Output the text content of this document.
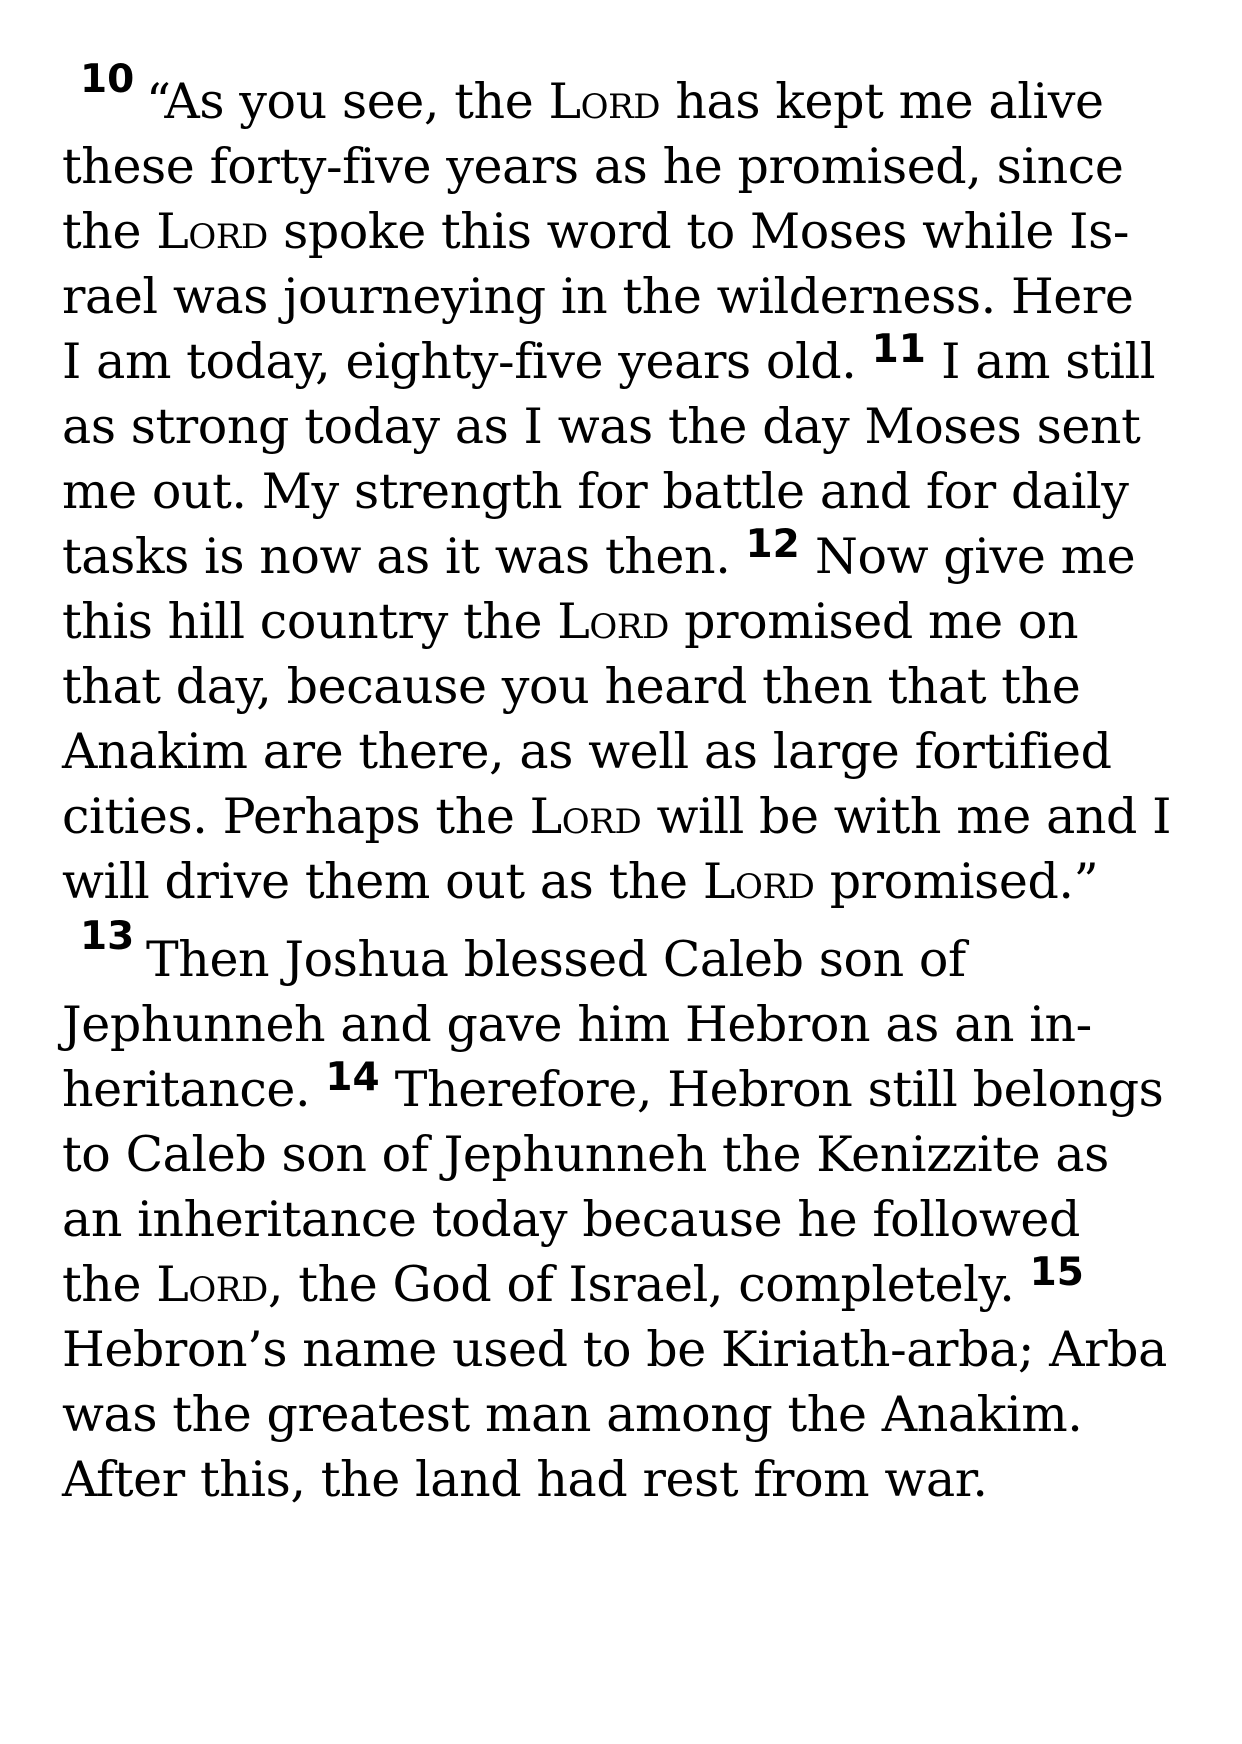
10 “As you see, the Lord has kept me alive
these forty-five years as he promised, since
the Lord spoke this word to Moses while Is-
rael was journeying in the wilderness. Here
I am today, eighty-five years old. $^{11}$ I am still
as strong today as I was the day Moses sent
me out. My strength for battle and for daily
tasks is now as it was then. $^{12}$ Now give me
this hill country the Lord promised me on
that day, because you heard then that the
Anakim are there, as well as large fortified
cities. Perhaps the Lord will be with me and I
will drive them out as the Lord promised.”
13 Then Joshua blessed Caleb son of
Jephunneh and gave him Hebron as an in-
heritance. $^{14}$ Therefore, Hebron still belongs
to Caleb son of Jephunneh the Kenizzite as
an inheritance today because he followed
the Lord, the God of Israel, completely. $^{15}$
Hebron’s name used to be Kiriath-arba; Arba
was the greatest man among the Anakim.
After this, the land had rest from war.
